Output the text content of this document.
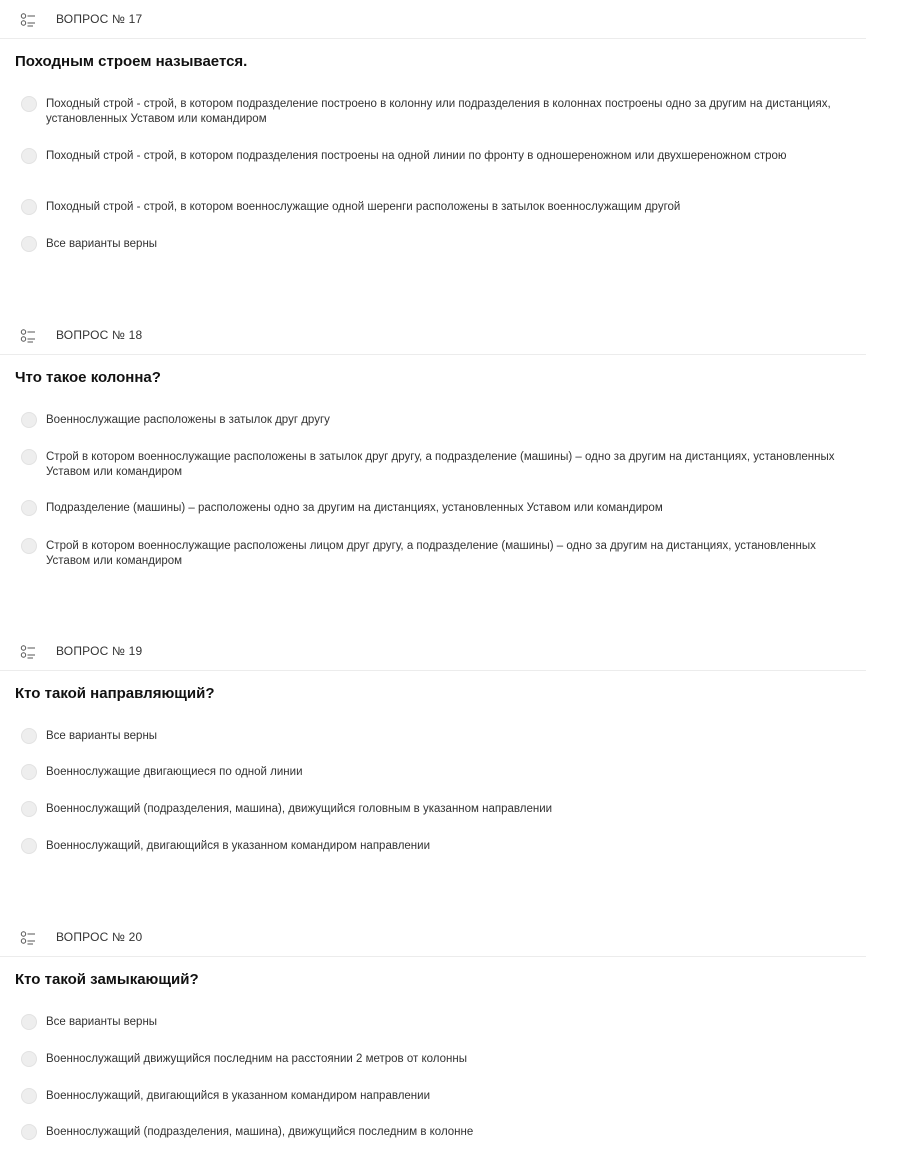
ВОПРОС № 17
Походным строем называется.
Походный строй - строй, в котором подразделение построено в колонну или подразделения в колоннах построены одно за другим на дистанциях, установленных Уставом или командиром
Походный строй - строй, в котором подразделения построены на одной линии по фронту в одношереножном или двухшереножном строю
Походный строй - строй, в котором военнослужащие одной шеренги расположены в затылок военнослужащим другой
Все варианты верны
ВОПРОС № 18
Что такое колонна?
Военнослужащие расположены в затылок друг другу
Строй в котором военнослужащие расположены в затылок друг другу, а подразделение (машины) – одно за другим на дистанциях, установленных Уставом или командиром
Подразделение (машины) – расположены одно за другим на дистанциях, установленных Уставом или командиром
Строй в котором военнослужащие расположены лицом друг другу, а подразделение (машины) – одно за другим на дистанциях, установленных Уставом или командиром
ВОПРОС № 19
Кто такой направляющий?
Все варианты верны
Военнослужащие двигающиеся по одной линии
Военнослужащий (подразделения, машина), движущийся головным в указанном направлении
Военнослужащий, двигающийся в указанном командиром направлении
ВОПРОС № 20
Кто такой замыкающий?
Все варианты верны
Военнослужащий движущийся последним на расстоянии 2 метров от колонны
Военнослужащий, двигающийся в указанном командиром направлении
Военнослужащий (подразделения, машина), движущийся последним в колонне
